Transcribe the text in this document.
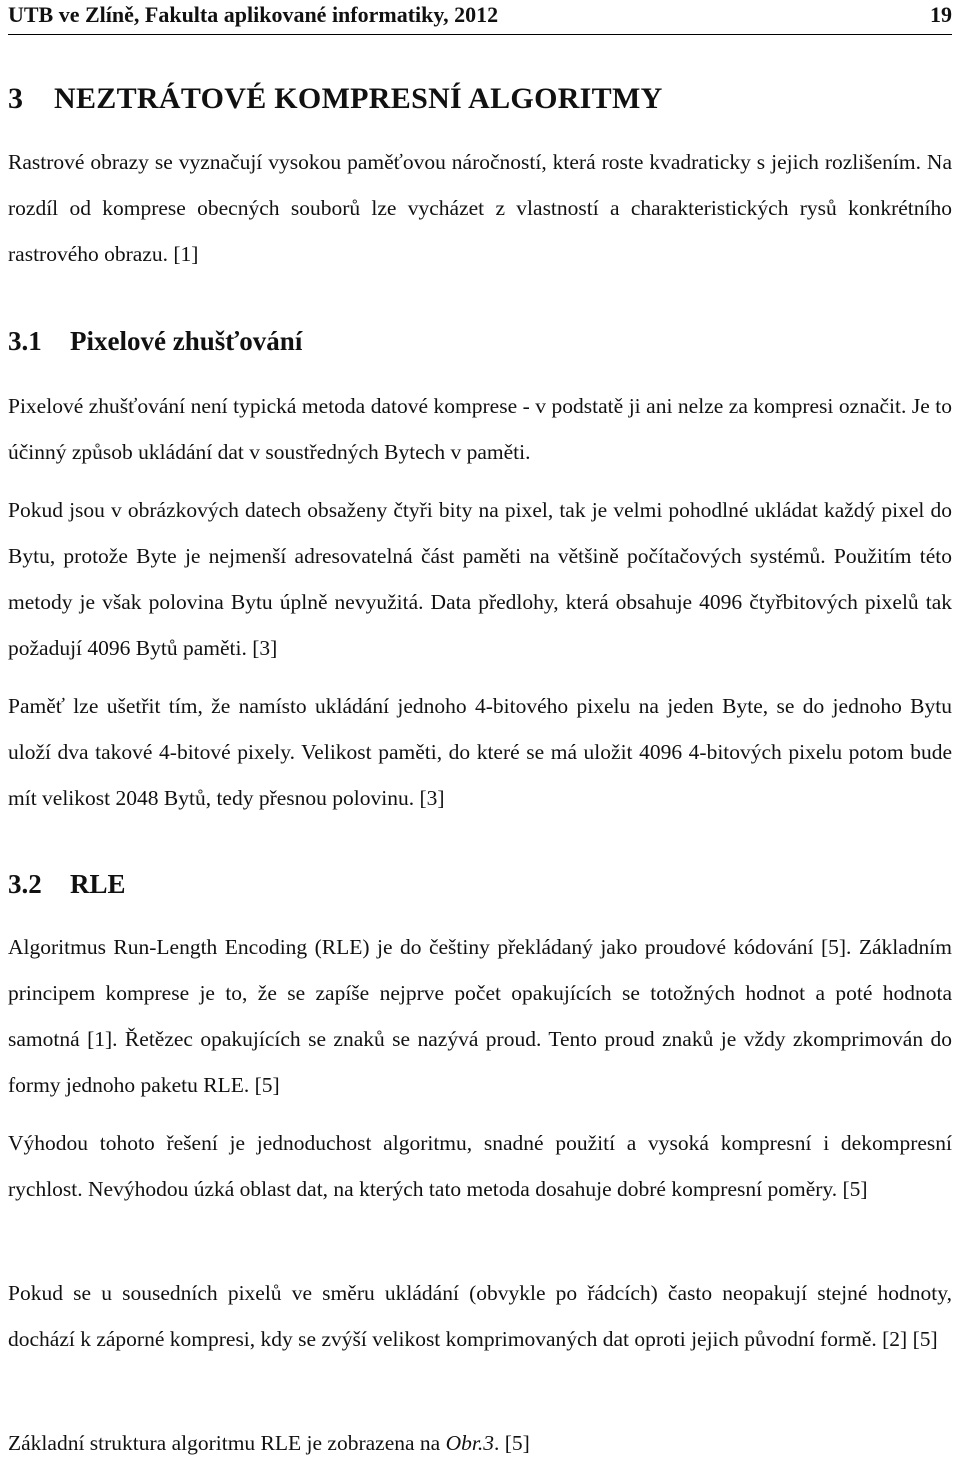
UTB ve Zlíně, Fakultа aplikované informatiky, 2012	19
3 NEZTRÁTOVÉ KOMPRESNÍ ALGORITMY

Rastrové obrazy se vyznačují vysokou paměťovou náročností, která roste kvadraticky s jejich rozlišením. Na rozdíl od komprese obecných souborů lze vycházet z vlastností a charakteristických rysů konkrétního rastrového obrazu. [1]

3.1 Pixelové zhušťování

Pixelové zhušťování není typická metoda datové komprese - v podstatě ji ani nelze za kompresi označit. Je to účinný způsob ukládání dat v soustředných Bytech v paměti.

Pokud jsou v obrázkových datech obsaženy čtyři bity na pixel, tak je velmi pohodlné ukládat každý pixel do Bytu, protože Byte je nejmenší adresovatelná část paměti na většině počítačových systémů. Použitím této metody je však polovina Bytu úplně nevyužitá. Data předlohy, která obsahuje 4096 čtyřbitových pixelů tak požadují 4096 Bytů paměti. [3]

Paměť lze ušetřit tím, že namísto ukládání jednoho 4-bitového pixelu na jeden Byte, se do jednoho Bytu uloží dva takové 4-bitové pixely. Velikost paměti, do které se má uložit 4096 4-bitových pixelu potom bude mít velikost 2048 Bytů, tedy přesnou polovinu. [3]

3.2 RLE

Algoritmus Run-Length Encoding (RLE) je do češtiny překládaný jako proudové kódování [5]. Základním principem komprese je to, že se zapíše nejprve počet opakujících se totožných hodnot a poté hodnota samotná [1]. Řetězec opakujících se znaků se nazývá proud. Tento proud znaků je vždy zkomprimován do formy jednoho paketu RLE. [5]

Výhodou tohoto řešení je jednoduchost algoritmu, snadné použití a vysoká kompresní i dekompresní rychlost. Nevýhodou úzká oblast dat, na kterých tato metoda dosahuje dobré kompresní poměry. [5]

Pokud se u sousedních pixelů ve směru ukládání (obvykle po řádcích) často neopakují stejné hodnoty, dochází k záporné kompresi, kdy se zvýší velikost komprimovaných dat oproti jejich původní formě. [2] [5]

Základní struktura algoritmu RLE je zobrazena na Obr.3. [5]
